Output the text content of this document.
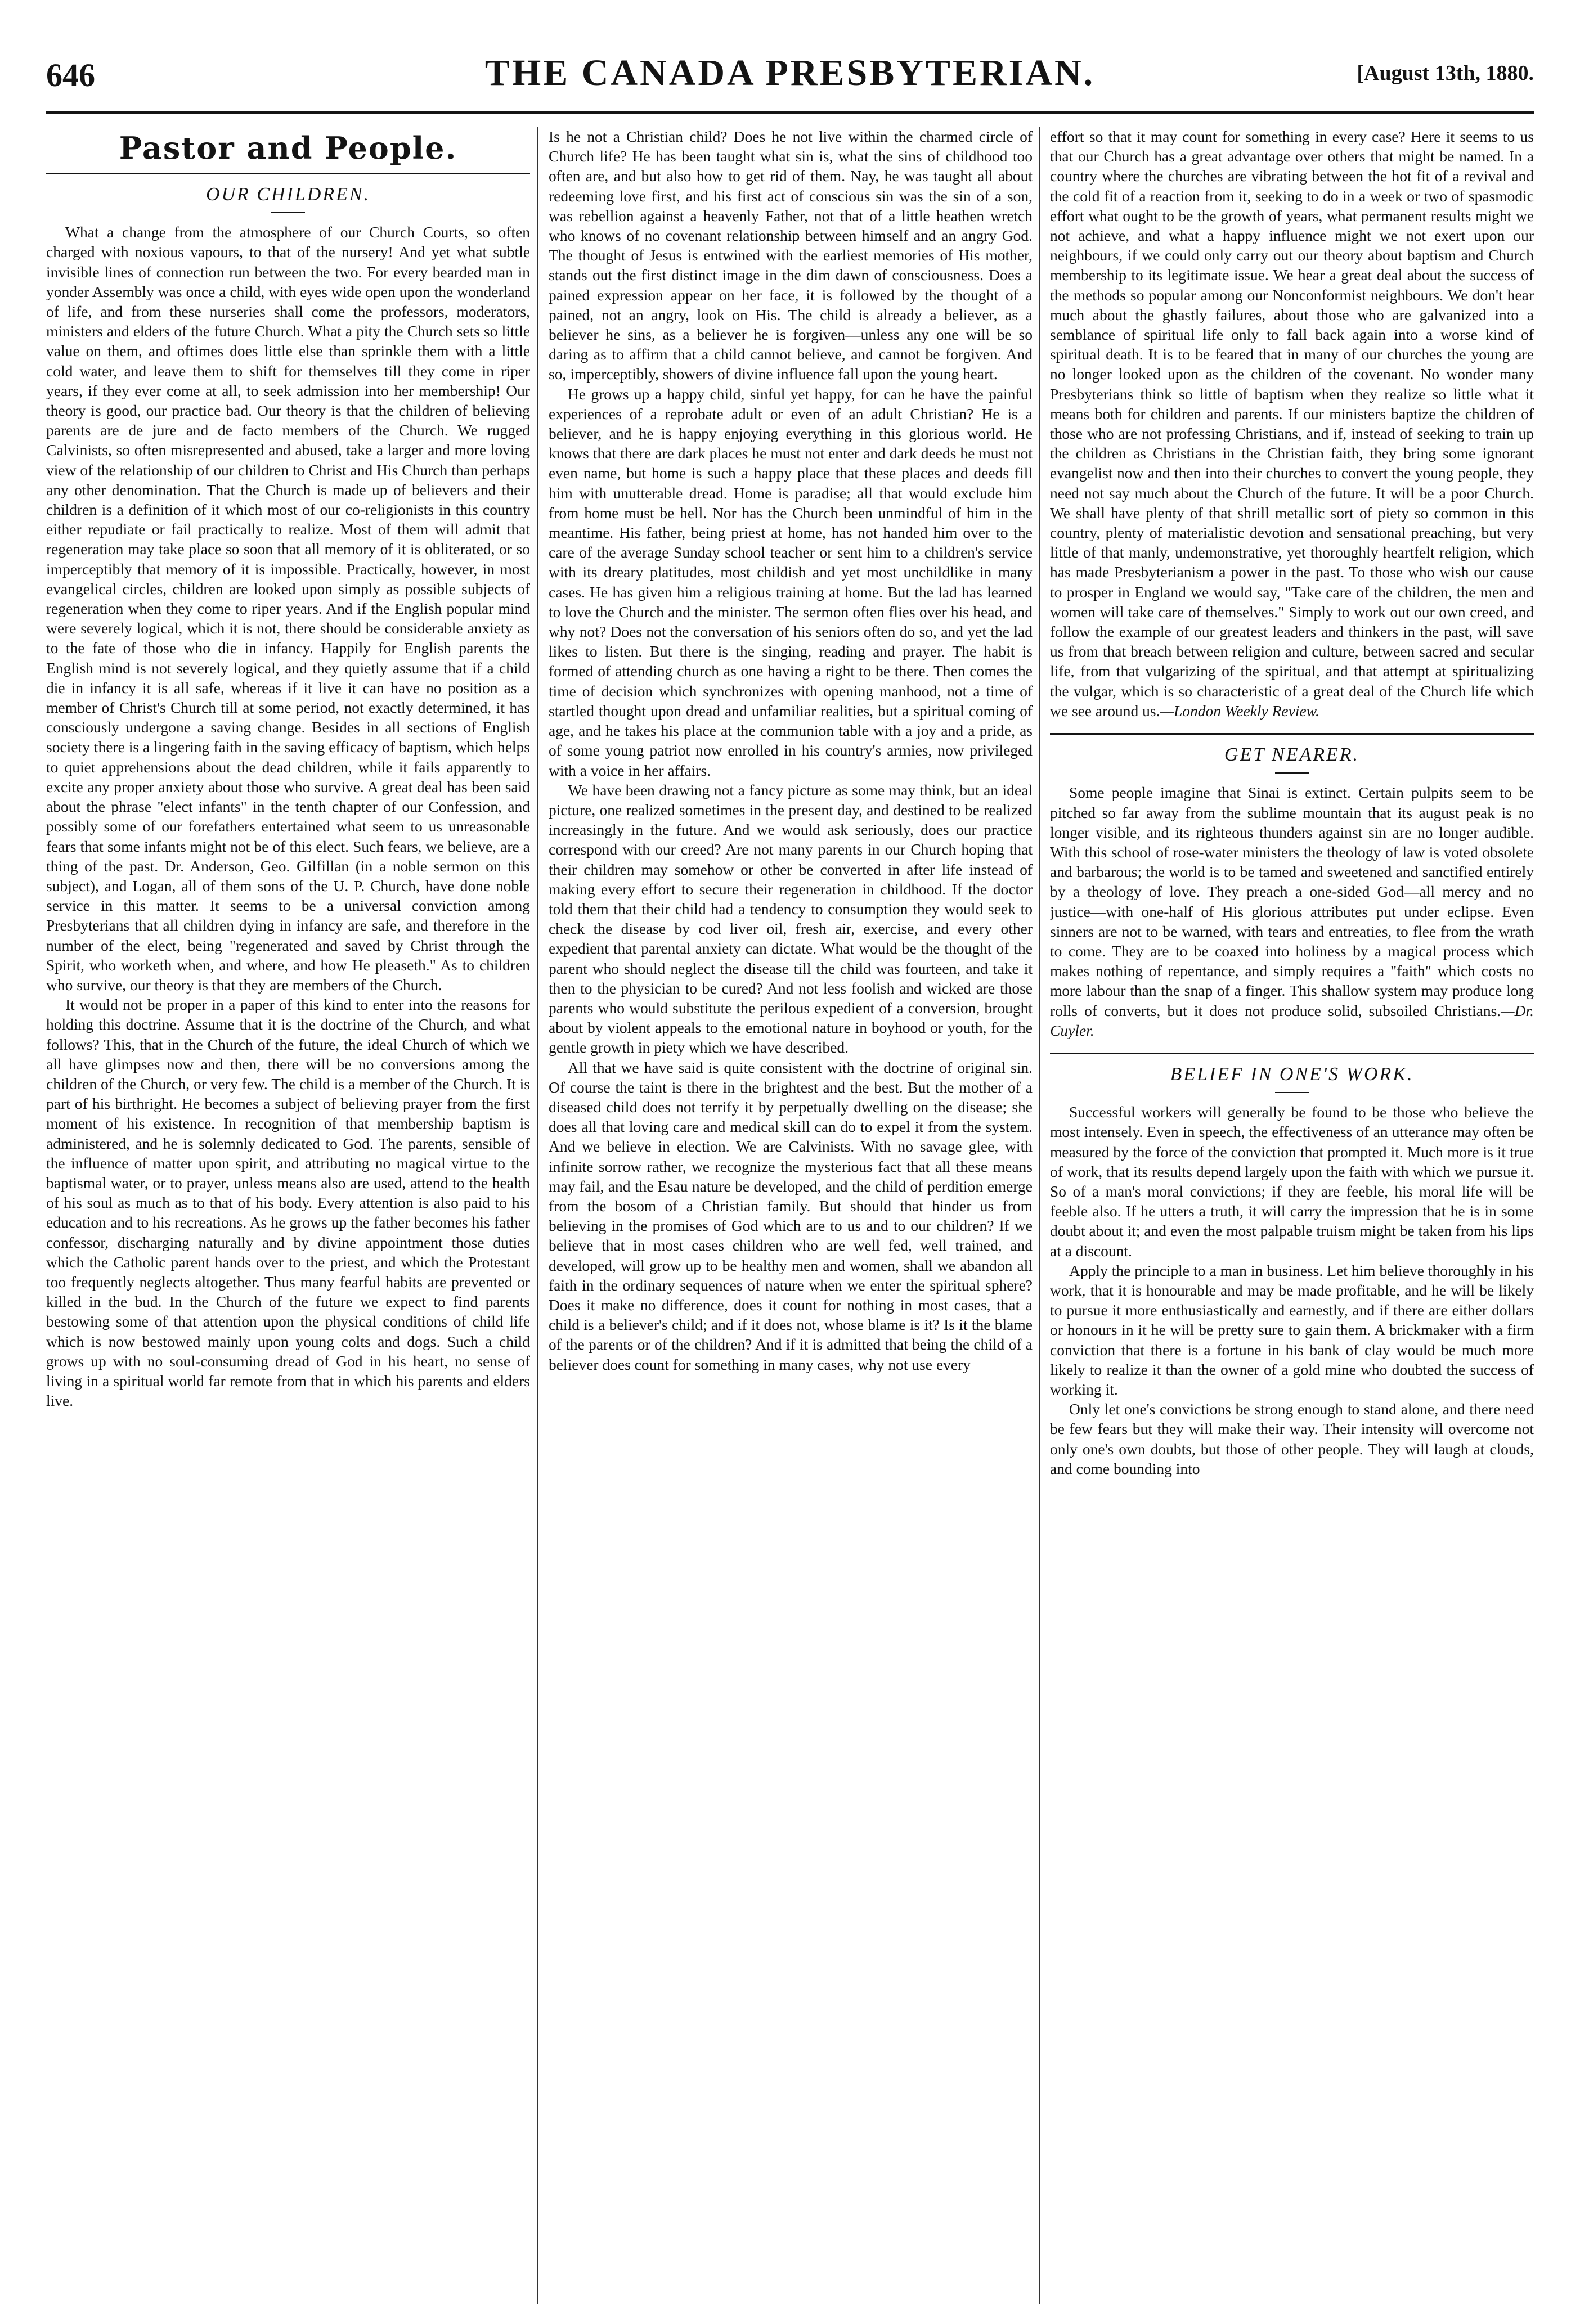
646	THE CANADA PRESBYTERIAN.	[August 13th, 1880.
Pastor and People.
OUR CHILDREN.

What a change from the atmosphere of our Church Courts, so often charged with noxious vapours, to that of the nursery! And yet what subtle invisible lines of connection run between the two. For every bearded man in yonder Assembly was once a child, with eyes wide open upon the wonderland of life, and from these nurseries shall come the professors, moderators, ministers and elders of the future Church. What a pity the Church sets so little value on them, and oftimes does little else than sprinkle them with a little cold water, and leave them to shift for themselves till they come in riper years, if they ever come at all, to seek admission into her membership! Our theory is good, our practice bad. Our theory is that the children of believing parents are de jure and de facto members of the Church. We rugged Calvinists, so often misrepresented and abused, take a larger and more loving view of the relationship of our children to Christ and His Church than perhaps any other denomination. That the Church is made up of believers and their children is a definition of it which most of our co-religionists in this country either repudiate or fail practically to realize. Most of them will admit that regeneration may take place so soon that all memory of it is obliterated, or so imperceptibly that memory of it is impossible. Practically, however, in most evangelical circles, children are looked upon simply as possible subjects of regeneration when they come to riper years. And if the English popular mind were severely logical, which it is not, there should be considerable anxiety as to the fate of those who die in infancy. Happily for English parents the English mind is not severely logical, and they quietly assume that if a child die in infancy it is all safe, whereas if it live it can have no position as a member of Christ's Church till at some period, not exactly determined, it has consciously undergone a saving change. Besides in all sections of English society there is a lingering faith in the saving efficacy of baptism, which helps to quiet apprehensions about the dead children, while it fails apparently to excite any proper anxiety about those who survive. A great deal has been said about the phrase "elect infants" in the tenth chapter of our Confession, and possibly some of our forefathers entertained what seem to us unreasonable fears that some infants might not be of this elect. Such fears, we believe, are a thing of the past. Dr. Anderson, Geo. Gilfillan (in a noble sermon on this subject), and Logan, all of them sons of the U. P. Church, have done noble service in this matter. It seems to be a universal conviction among Presbyterians that all children dying in infancy are safe, and therefore in the number of the elect, being "regenerated and saved by Christ through the Spirit, who worketh when, and where, and how He pleaseth." As to children who survive, our theory is that they are members of the Church.

It would not be proper in a paper of this kind to enter into the reasons for holding this doctrine. Assume that it is the doctrine of the Church, and what follows? This, that in the Church of the future, the ideal Church of which we all have glimpses now and then, there will be no conversions among the children of the Church, or very few. The child is a member of the Church. It is part of his birthright. He becomes a subject of believing prayer from the first moment of his existence. In recognition of that membership baptism is administered, and he is solemnly dedicated to God. The parents, sensible of the influence of matter upon spirit, and attributing no magical virtue to the baptismal water, or to prayer, unless means also are used, attend to the health of his soul as much as to that of his body. Every attention is also paid to his education and to his recreations. As he grows up the father becomes his father confessor, discharging naturally and by divine appointment those duties which the Catholic parent hands over to the priest, and which the Protestant too frequently neglects altogether. Thus many fearful habits are prevented or killed in the bud. In the Church of the future we expect to find parents bestowing some of that attention upon the physical conditions of child life which is now bestowed mainly upon young colts and dogs. Such a child grows up with no soul-consuming dread of God in his heart, no sense of living in a spiritual world far remote from that in which his parents and elders live.

Is he not a Christian child? Does he not live within the charmed circle of Church life? He has been taught what sin is, what the sins of childhood too often are, and but also how to get rid of them. Nay, he was taught all about redeeming love first, and his first act of conscious sin was the sin of a son, was rebellion against a heavenly Father, not that of a little heathen wretch who knows of no covenant relationship between himself and an angry God. The thought of Jesus is entwined with the earliest memories of His mother, stands out the first distinct image in the dim dawn of consciousness. Does a pained expression appear on her face, it is followed by the thought of a pained, not an angry, look on His. The child is already a believer, as a believer he sins, as a believer he is forgiven—unless any one will be so daring as to affirm that a child cannot believe, and cannot be forgiven. And so, imperceptibly, showers of divine influence fall upon the young heart.

He grows up a happy child, sinful yet happy, for can he have the painful experiences of a reprobate adult or even of an adult Christian? He is a believer, and he is happy enjoying everything in this glorious world. He knows that there are dark places he must not enter and dark deeds he must not even name, but home is such a happy place that these places and deeds fill him with unutterable dread. Home is paradise; all that would exclude him from home must be hell. Nor has the Church been unmindful of him in the meantime. His father, being priest at home, has not handed him over to the care of the average Sunday school teacher or sent him to a children's service with its dreary platitudes, most childish and yet most unchildlike in many cases. He has given him a religious training at home. But the lad has learned to love the Church and the minister. The sermon often flies over his head, and why not? Does not the conversation of his seniors often do so, and yet the lad likes to listen. But there is the singing, reading and prayer. The habit is formed of attending church as one having a right to be there. Then comes the time of decision which synchronizes with opening manhood, not a time of startled thought upon dread and unfamiliar realities, but a spiritual coming of age, and he takes his place at the communion table with a joy and a pride, as of some young patriot now enrolled in his country's armies, now privileged with a voice in her affairs.

We have been drawing not a fancy picture as some may think, but an ideal picture, one realized sometimes in the present day, and destined to be realized increasingly in the future. And we would ask seriously, does our practice correspond with our creed? Are not many parents in our Church hoping that their children may somehow or other be converted in after life instead of making every effort to secure their regeneration in childhood. If the doctor told them that their child had a tendency to consumption they would seek to check the disease by cod liver oil, fresh air, exercise, and every other expedient that parental anxiety can dictate. What would be the thought of the parent who should neglect the disease till the child was fourteen, and take it then to the physician to be cured? And not less foolish and wicked are those parents who would substitute the perilous expedient of a conversion, brought about by violent appeals to the emotional nature in boyhood or youth, for the gentle growth in piety which we have described.

All that we have said is quite consistent with the doctrine of original sin. Of course the taint is there in the brightest and the best. But the mother of a diseased child does not terrify it by perpetually dwelling on the disease; she does all that loving care and medical skill can do to expel it from the system. And we believe in election. We are Calvinists. With no savage glee, with infinite sorrow rather, we recognize the mysterious fact that all these means may fail, and the Esau nature be developed, and the child of perdition emerge from the bosom of a Christian family. But should that hinder us from believing in the promises of God which are to us and to our children? If we believe that in most cases children who are well fed, well trained, and developed, will grow up to be healthy men and women, shall we abandon all faith in the ordinary sequences of nature when we enter the spiritual sphere? Does it make no difference, does it count for nothing in most cases, that a child is a believer's child; and if it does not, whose blame is it? Is it the blame of the parents or of the children? And if it is admitted that being the child of a believer does count for something in many cases, why not use every

effort so that it may count for something in every case? Here it seems to us that our Church has a great advantage over others that might be named. In a country where the churches are vibrating between the hot fit of a revival and the cold fit of a reaction from it, seeking to do in a week or two of spasmodic effort what ought to be the growth of years, what permanent results might we not achieve, and what a happy influence might we not exert upon our neighbours, if we could only carry out our theory about baptism and Church membership to its legitimate issue. We hear a great deal about the success of the methods so popular among our Nonconformist neighbours. We don't hear much about the ghastly failures, about those who are galvanized into a semblance of spiritual life only to fall back again into a worse kind of spiritual death. It is to be feared that in many of our churches the young are no longer looked upon as the children of the covenant. No wonder many Presbyterians think so little of baptism when they realize so little what it means both for children and parents. If our ministers baptize the children of those who are not professing Christians, and if, instead of seeking to train up the children as Christians in the Christian faith, they bring some ignorant evangelist now and then into their churches to convert the young people, they need not say much about the Church of the future. It will be a poor Church. We shall have plenty of that shrill metallic sort of piety so common in this country, plenty of materialistic devotion and sensational preaching, but very little of that manly, undemonstrative, yet thoroughly heartfelt religion, which has made Presbyterianism a power in the past. To those who wish our cause to prosper in England we would say, "Take care of the children, the men and women will take care of themselves." Simply to work out our own creed, and follow the example of our greatest leaders and thinkers in the past, will save us from that breach between religion and culture, between sacred and secular life, from that vulgarizing of the spiritual, and that attempt at spiritualizing the vulgar, which is so characteristic of a great deal of the Church life which we see around us.—London Weekly Review.

GET NEARER.

Some people imagine that Sinai is extinct. Certain pulpits seem to be pitched so far away from the sublime mountain that its august peak is no longer visible, and its righteous thunders against sin are no longer audible. With this school of rose-water ministers the theology of law is voted obsolete and barbarous; the world is to be tamed and sweetened and sanctified entirely by a theology of love. They preach a one-sided God—all mercy and no justice—with one-half of His glorious attributes put under eclipse. Even sinners are not to be warned, with tears and entreaties, to flee from the wrath to come. They are to be coaxed into holiness by a magical process which makes nothing of repentance, and simply requires a "faith" which costs no more labour than the snap of a finger. This shallow system may produce long rolls of converts, but it does not produce solid, subsoiled Christians.—Dr. Cuyler.

BELIEF IN ONE'S WORK.

Successful workers will generally be found to be those who believe the most intensely. Even in speech, the effectiveness of an utterance may often be measured by the force of the conviction that prompted it. Much more is it true of work, that its results depend largely upon the faith with which we pursue it. So of a man's moral convictions; if they are feeble, his moral life will be feeble also. If he utters a truth, it will carry the impression that he is in some doubt about it; and even the most palpable truism might be taken from his lips at a discount.

Apply the principle to a man in business. Let him believe thoroughly in his work, that it is honourable and may be made profitable, and he will be likely to pursue it more enthusiastically and earnestly, and if there are either dollars or honours in it he will be pretty sure to gain them. A brickmaker with a firm conviction that there is a fortune in his bank of clay would be much more likely to realize it than the owner of a gold mine who doubted the success of working it.

Only let one's convictions be strong enough to stand alone, and there need be few fears but they will make their way. Their intensity will overcome not only one's own doubts, but those of other people. They will laugh at clouds, and come bounding into
